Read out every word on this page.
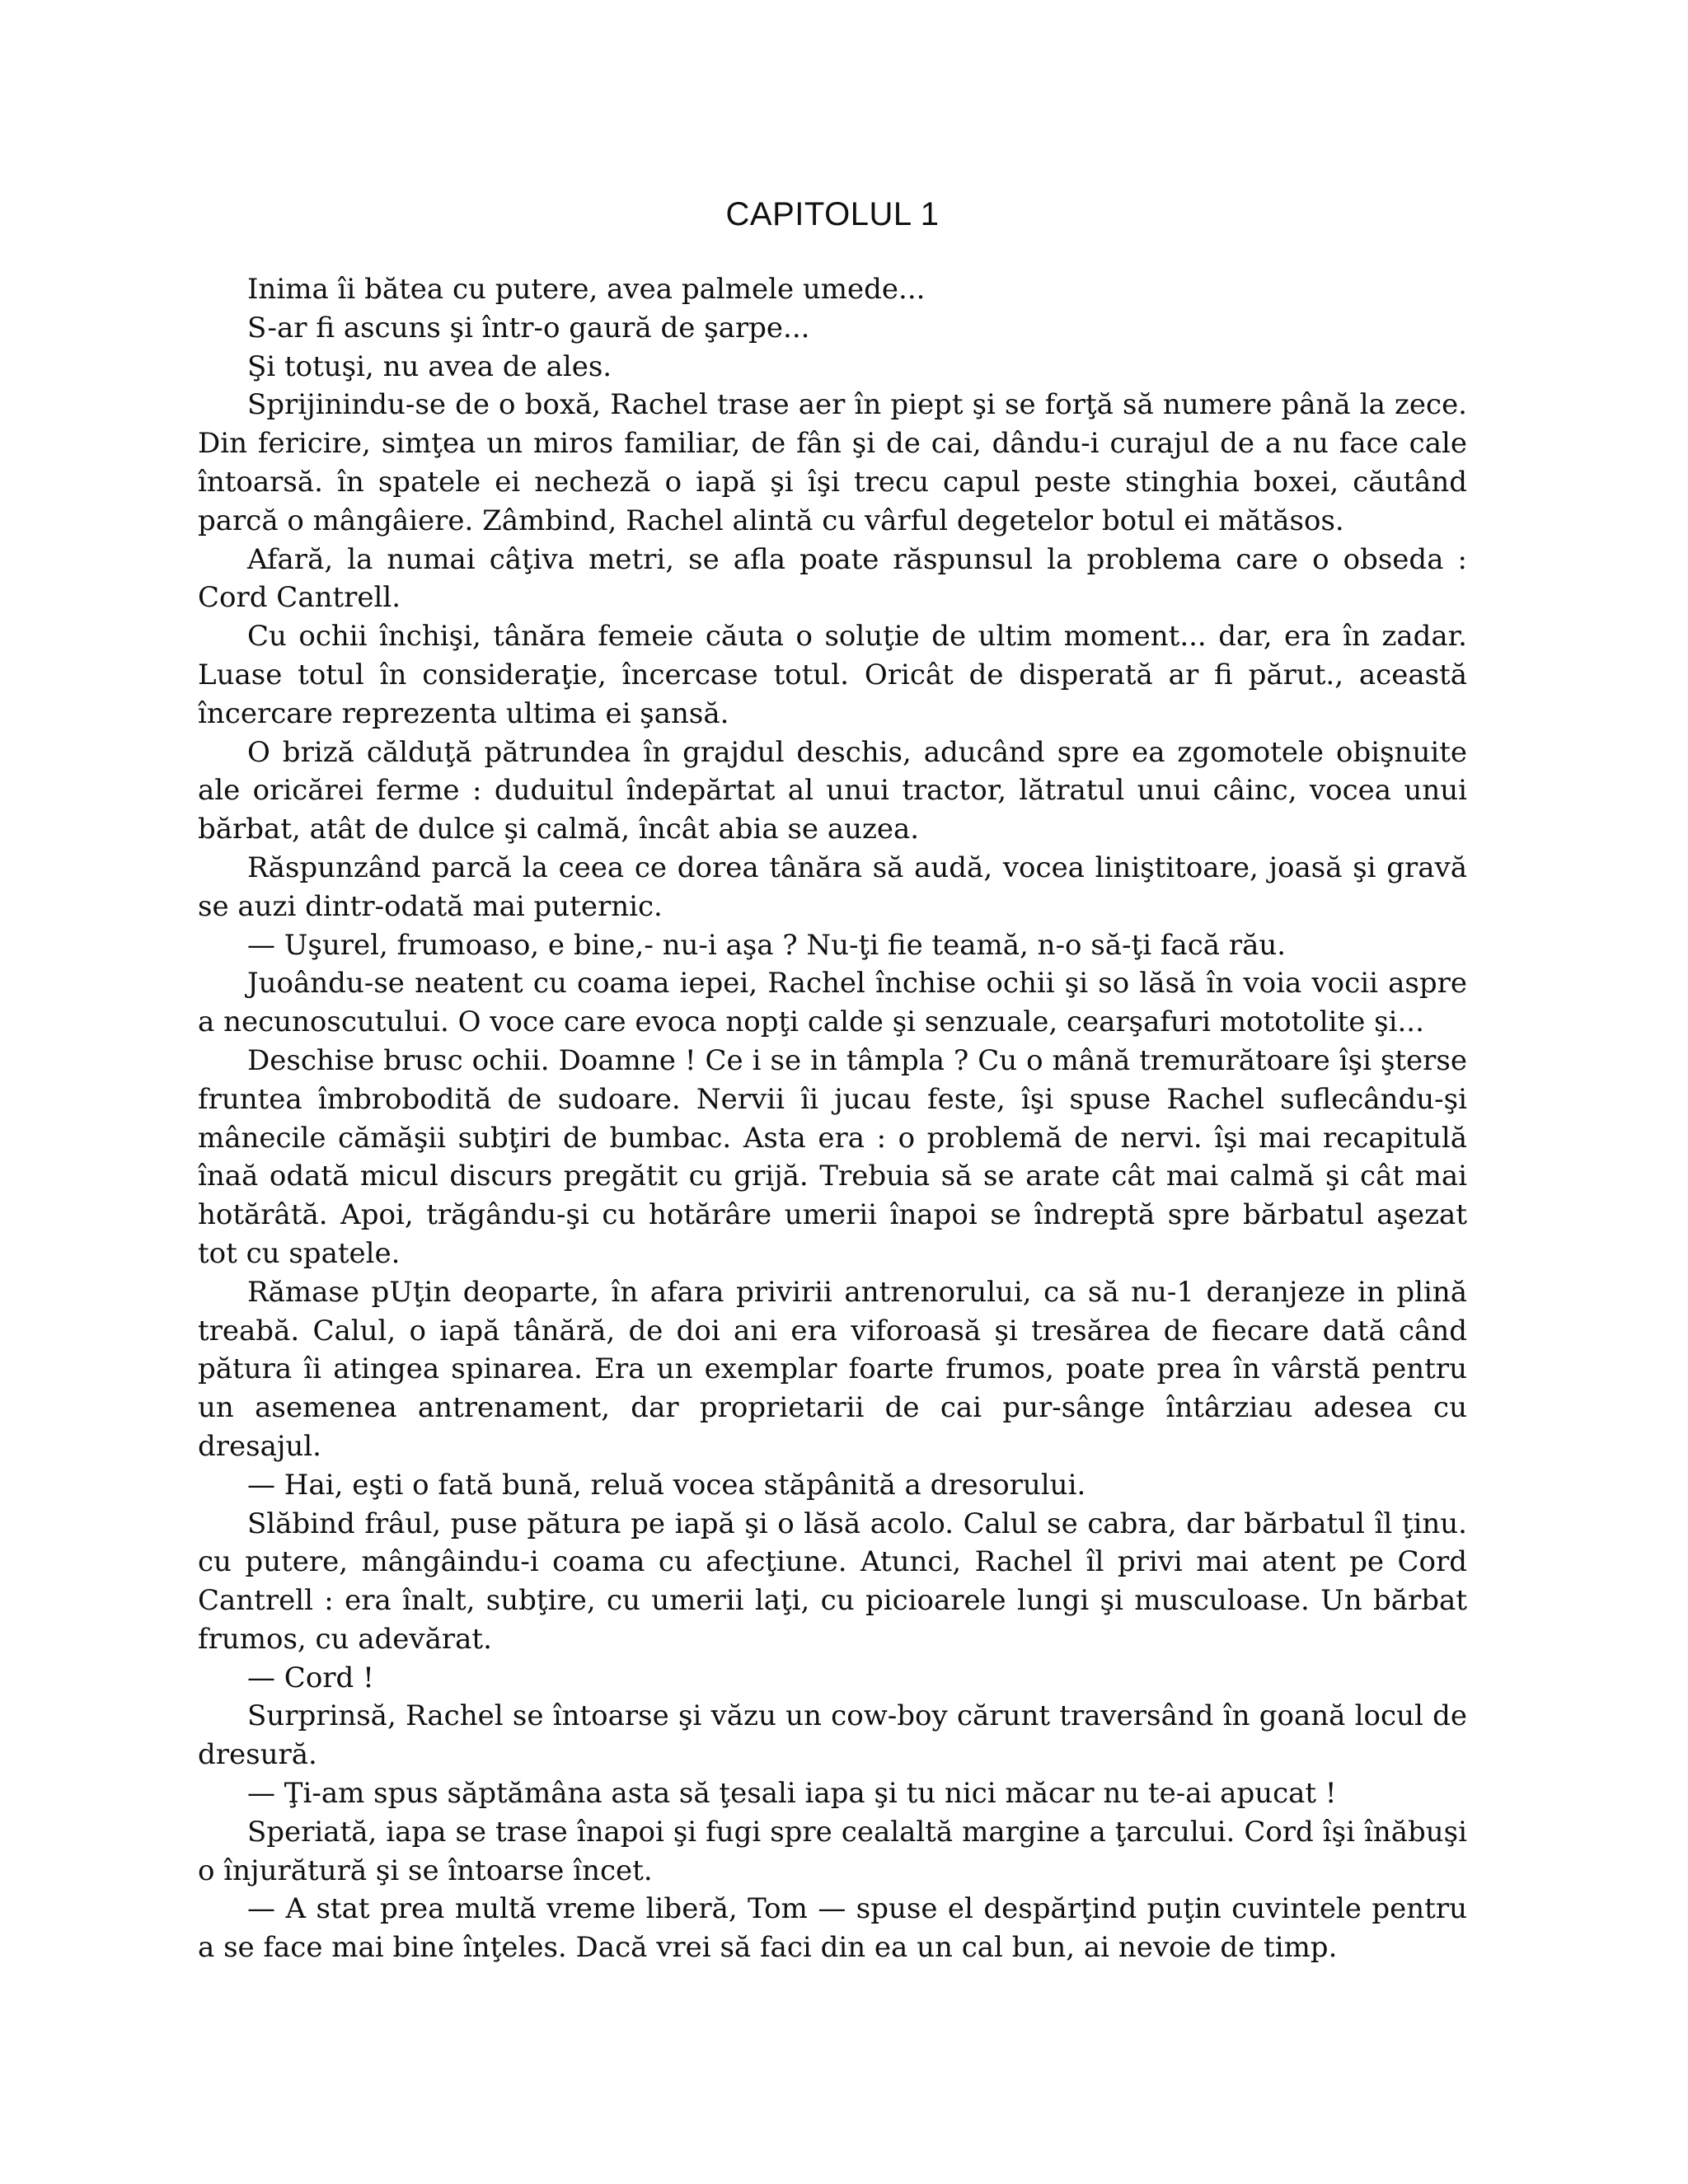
CAPITOLUL 1

Inima îi bătea cu putere, avea palmele umede...

S-ar fi ascuns şi într-o gaură de şarpe...

Şi totuşi, nu avea de ales.

Sprijinindu-se de o boxă, Rachel trase aer în piept şi se forţă să numere până la zece. Din fericire, simţea un miros familiar, de fân şi de cai, dându-i curajul de a nu face cale întoarsă. în spatele ei necheză o iapă şi îşi trecu capul peste stinghia boxei, căutând parcă o mângâiere. Zâmbind, Rachel alintă cu vârful degetelor botul ei mătăsos.

Afară, la numai câţiva metri, se afla poate răspunsul la problema care o obseda : Cord Cantrell.

Cu ochii închişi, tânăra femeie căuta o soluţie de ultim moment... dar, era în zadar. Luase totul în consideraţie, încercase totul. Oricât de disperată ar fi părut., această încercare reprezenta ultima ei şansă.

O briză călduţă pătrundea în grajdul deschis, aducând spre ea zgomotele obişnuite ale oricărei ferme : duduitul îndepărtat al unui tractor, lătratul unui câinc, vocea unui bărbat, atât de dulce şi calmă, încât abia se auzea.

Răspunzând parcă la ceea ce dorea tânăra să audă, vocea liniştitoare, joasă şi gravă se auzi dintr-odată mai puternic.

— Uşurel, frumoaso, e bine,- nu-i aşa ? Nu-ţi fie teamă, n-o să-ţi facă rău.

Juoându-se neatent cu coama iepei, Rachel închise ochii şi so lăsă în voia vocii aspre a necunoscutului. O voce care evoca nopţi calde şi senzuale, cearşafuri mototolite şi...

Deschise brusc ochii. Doamne ! Ce i se in tâmpla ? Cu o mână tremurătoare îşi şterse fruntea îmbrobodită de sudoare. Nervii îi jucau feste, îşi spuse Rachel suflecându-şi mânecile cămăşii subţiri de bumbac. Asta era : o problemă de nervi. îşi mai recapitulă înaă odată micul discurs pregătit cu grijă. Trebuia să se arate cât mai calmă şi cât mai hotărâtă. Apoi, trăgându-şi cu hotărâre umerii înapoi se îndreptă spre bărbatul aşezat tot cu spatele.

Rămase pUţin deoparte, în afara privirii antrenorului, ca să nu-1 deranjeze in plină treabă. Calul, o iapă tânără, de doi ani era viforoasă şi tresărea de fiecare dată când pătura îi atingea spinarea. Era un exemplar foarte frumos, poate prea în vârstă pentru un asemenea antrenament, dar proprietarii de cai pur-sânge întârziau adesea cu dresajul.

— Hai, eşti o fată bună, reluă vocea stăpânită a dresorului.

Slăbind frâul, puse pătura pe iapă şi o lăsă acolo. Calul se cabra, dar bărbatul îl ţinu. cu putere, mângâindu-i coama cu afecţiune. Atunci, Rachel îl privi mai atent pe Cord Cantrell : era înalt, subţire, cu umerii laţi, cu picioarele lungi şi musculoase. Un bărbat frumos, cu adevărat.

— Cord !

Surprinsă, Rachel se întoarse şi văzu un cow-boy cărunt traversând în goană locul de dresură.

— Ţi-am spus săptămâna asta să ţesali iapa şi tu nici măcar nu te-ai apucat !

Speriată, iapa se trase înapoi şi fugi spre cealaltă margine a ţarcului. Cord îşi înăbuşi o înjurătură şi se întoarse încet.

— A stat prea multă vreme liberă, Tom — spuse el despărţind puţin cuvintele pentru a se face mai bine înţeles. Dacă vrei să faci din ea un cal bun, ai nevoie de timp.
